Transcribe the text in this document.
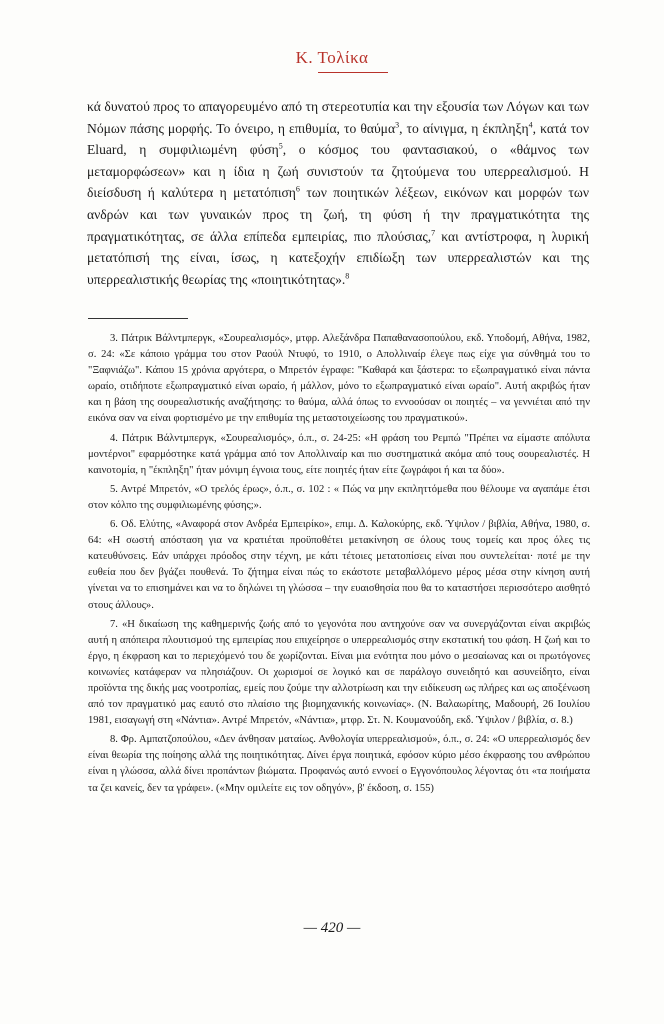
Κ. Τολίκα

κά δυνατού προς το απαγορευμένο από τη στερεοτυπία και την εξουσία των Λόγων και των Νόμων πάσης μορφής. Το όνειρο, η επιθυμία, το θαύμα$^3$, το αίνιγμα, η έκπληξη$^4$, κατά τον Eluard, η συμφιλιωμένη φύση$^5$, ο κόσμος του φαντασιακού, ο «θάμνος των μεταμορφώσεων» και η ίδια η ζωή συνιστούν τα ζητούμενα του υπερρεαλισμού. Η διείσδυση ή καλύτερα η μετατόπιση$^6$ των ποιητικών λέξεων, εικόνων και μορφών των ανδρών και των γυναικών προς τη ζωή, τη φύση ή την πραγματικότητα της πραγματικότητας, σε άλλα επίπεδα εμπειρίας, πιο πλούσιας,$^7$ και αντίστροφα, η λυρική μετατόπισή της είναι, ίσως, η κατεξοχήν επιδίωξη των υπερρεαλιστών και της υπερρεαλιστικής θεωρίας της «ποιητικότητας».$^8$

3. Πάτρικ Βάλντμπεργκ, «Σουρεαλισμός», μτφρ. Αλεξάνδρα Παπαθανασοπούλου, εκδ. Υποδομή, Αθήνα, 1982, σ. 24: «Σε κάποιο γράμμα του στον Ραούλ Ντυφύ, το 1910, ο Απολλιναίρ έλεγε πως είχε για σύνθημά του το "Ξαφνιάζω". Κάπου 15 χρόνια αργότερα, ο Μπρετόν έγραφε: "Καθαρά και ξάστερα: το εξωπραγματικό είναι πάντα ωραίο, οτιδήποτε εξωπραγματικό είναι ωραίο, ή μάλλον, μόνο το εξωπραγματικό είναι ωραίο". Αυτή ακριβώς ήταν και η βάση της σουρεαλιστικής αναζήτησης: το θαύμα, αλλά όπως το εννοούσαν οι ποιητές – να γεννιέται από την εικόνα σαν να είναι φορτισμένο με την επιθυμία της μεταστοιχείωσης του πραγματικού».

4. Πάτρικ Βάλντμπεργκ, «Σουρεαλισμός», ό.π., σ. 24-25: «Η φράση του Ρεμπώ "Πρέπει να είμαστε απόλυτα μοντέρνοι" εφαρμόστηκε κατά γράμμα από τον Απολλιναίρ και πιο συστηματικά ακόμα από τους σουρεαλιστές. Η καινοτομία, η "έκπληξη" ήταν μόνιμη έγνοια τους, είτε ποιητές ήταν είτε ζωγράφοι ή και τα δύο».

5. Αντρέ Μπρετόν, «Ο τρελός έρως», ό.π., σ. 102 : « Πώς να μην εκπληττόμεθα που θέλουμε να αγαπάμε έτσι στον κόλπο της συμφιλιωμένης φύσης;».

6. Οδ. Ελύτης, «Αναφορά στον Ανδρέα Εμπειρίκο», επιμ. Δ. Καλοκύρης, εκδ. Ύψιλον / βιβλία, Αθήνα, 1980, σ. 64: «Η σωστή απόσταση για να κρατιέται προϋποθέτει μετακίνηση σε όλους τους τομείς και προς όλες τις κατευθύνσεις. Εάν υπάρχει πρόοδος στην τέχνη, με κάτι τέτοιες μετατοπίσεις είναι που συντελείται· ποτέ με την ευθεία που δεν βγάζει πουθενά. Το ζήτημα είναι πώς το εκάστοτε μεταβαλλόμενο μέρος μέσα στην κίνηση αυτή γίνεται να το επισημάνει και να το δηλώνει τη γλώσσα – την ευαισθησία που θα το καταστήσει περισσότερο αισθητό στους άλλους».

7. «Η δικαίωση της καθημερινής ζωής από το γεγονότα που αντηχούνε σαν να συνεργάζονται είναι ακριβώς αυτή η απόπειρα πλουτισμού της εμπειρίας που επιχείρησε ο υπερρεαλισμός στην εκστατική του φάση. Η ζωή και το έργο, η έκφραση και το περιεχόμενό του δε χωρίζονται. Είναι μια ενότητα που μόνο ο μεσαίωνας και οι πρωτόγονες κοινωνίες κατάφεραν να πλησιάζουν. Οι χωρισμοί σε λογικό και σε παράλογο συνειδητό και ασυνείδητο, είναι προϊόντα της δικής μας νοοτροπίας, εμείς που ζούμε την αλλοτρίωση και την ειδίκευση ως πλήρες και ως αποξένωση από τον πραγματικό μας εαυτό στο πλαίσιο της βιομηχανικής κοινωνίας». (Ν. Βαλαωρίτης, Μαδουρή, 26 Ιουλίου 1981, εισαγωγή στη «Νάντια». Αντρέ Μπρετόν, «Νάντια», μτφρ. Στ. Ν. Κουμανούδη, εκδ. Ύψιλον / βιβλία, σ. 8.)

8. Φρ. Αμπατζοπούλου, «Δεν άνθησαν ματαίως. Ανθολογία υπερρεαλισμού», ό.π., σ. 24: «Ο υπερρεαλισμός δεν είναι θεωρία της ποίησης αλλά της ποιητικότητας. Δίνει έργα ποιητικά, εφόσον κύριο μέσο έκφρασης του ανθρώπου είναι η γλώσσα, αλλά δίνει προπάντων βιώματα. Προφανώς αυτό εννοεί ο Εγγονόπουλος λέγοντας ότι «τα ποιήματα τα ζει κανείς, δεν τα γράφει». («Μην ομιλείτε εις τον οδηγόν», β' έκδοση, σ. 155)

— 420 —
